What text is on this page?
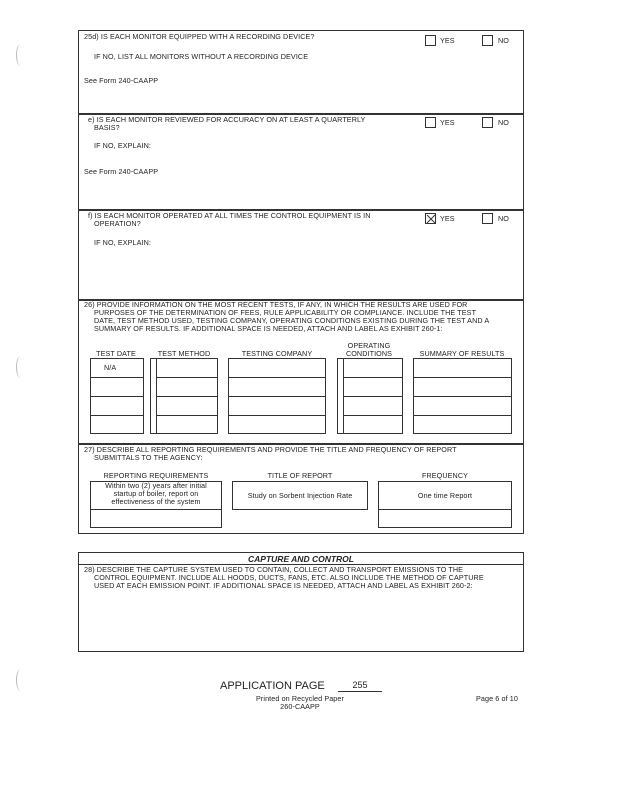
25d) IS EACH MONITOR EQUIPPED WITH A RECORDING DEVICE?	YES	NO
IF NO, LIST ALL MONITORS WITHOUT A RECORDING DEVICE
See Form 240-CAAPP
e) IS EACH MONITOR REVIEWED FOR ACCURACY ON AT LEAST A QUARTERLY
BASIS?
YES	NO
IF NO, EXPLAIN:
See Form 240-CAAPP
f) IS EACH MONITOR OPERATED AT ALL TIMES THE CONTROL EQUIPMENT IS IN
OPERATION?
YES	NO
IF NO, EXPLAIN:
26) PROVIDE INFORMATION ON THE MOST RECENT TESTS, IF ANY, IN WHICH THE RESULTS ARE USED FOR
PURPOSES OF THE DETERMINATION OF FEES, RULE APPLICABILITY OR COMPLIANCE. INCLUDE THE TEST
DATE, TEST METHOD USED, TESTING COMPANY, OPERATING CONDITIONS EXISTING DURING THE TEST AND A
SUMMARY OF RESULTS. IF ADDITIONAL SPACE IS NEEDED, ATTACH AND LABEL AS EXHIBIT 260-1:
TEST DATE	TEST METHOD	TESTING COMPANY
OPERATING
CONDITIONS	SUMMARY OF RESULTS
N/A
27) DESCRIBE ALL REPORTING REQUIREMENTS AND PROVIDE THE TITLE AND FREQUENCY OF REPORT
SUBMITTALS TO THE AGENCY:
REPORTING REQUIREMENTS	TITLE OF REPORT	FREQUENCY
Within two (2) years after initial
startup of boiler, report on
effectiveness of the system
Study on Sorbent Injection Rate	One time Report
CAPTURE AND CONTROL
28) DESCRIBE THE CAPTURE SYSTEM USED TO CONTAIN, COLLECT AND TRANSPORT EMISSIONS TO THE
CONTROL EQUIPMENT. INCLUDE ALL HOODS, DUCTS, FANS, ETC. ALSO INCLUDE THE METHOD OF CAPTURE
USED AT EACH EMISSION POINT. IF ADDITIONAL SPACE IS NEEDED, ATTACH AND LABEL AS EXHIBIT 260-2:
APPLICATION PAGE	255
Printed on Recycled Paper
260-CAAPP
Page 6 of 10
